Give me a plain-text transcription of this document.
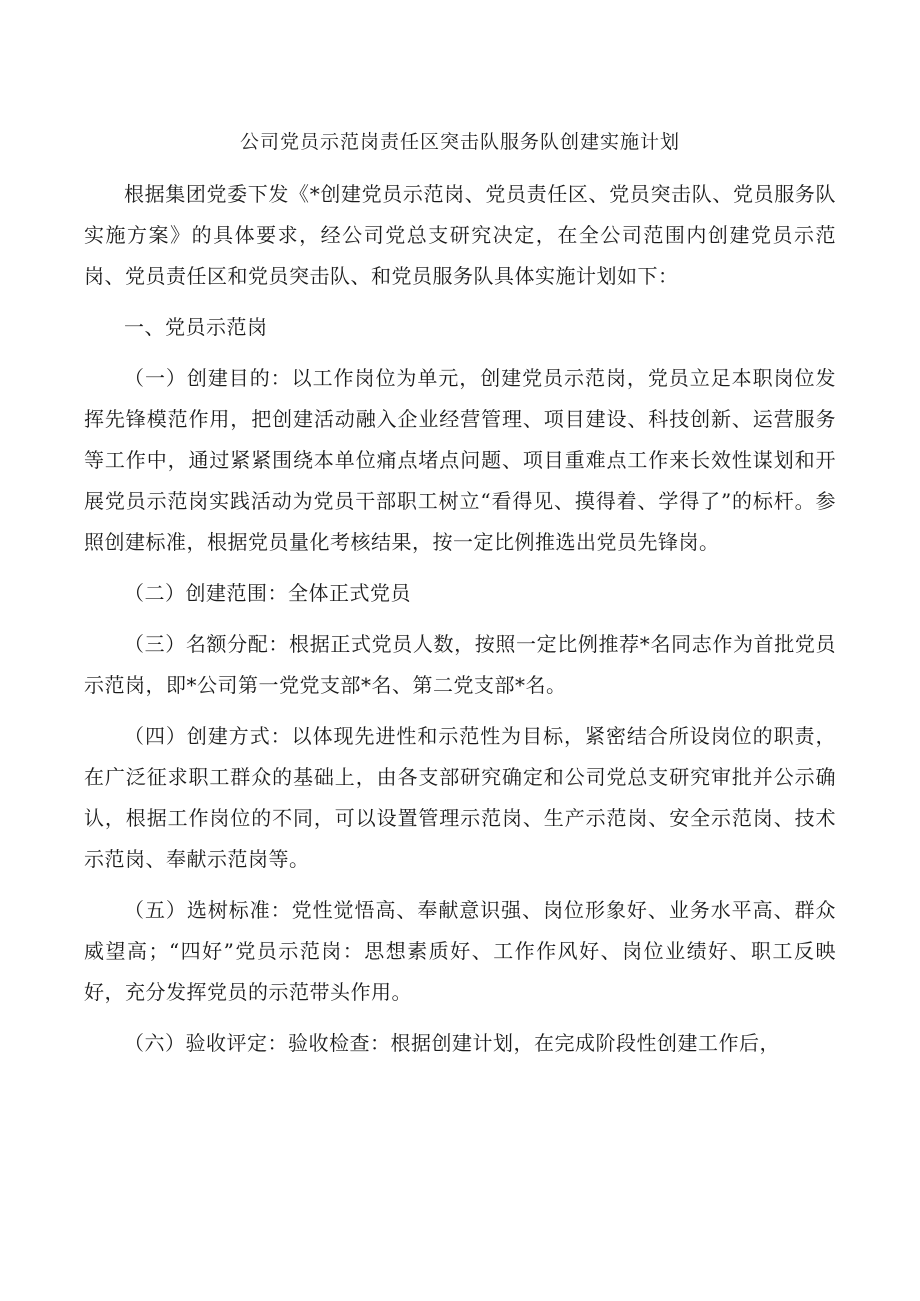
公司党员示范岗责任区突击队服务队创建实施计划

根据集团党委下发《*创建党员示范岗、党员责任区、党员突击队、党员服务队实施方案》的具体要求，经公司党总支研究决定，在全公司范围内创建党员示范岗、党员责任区和党员突击队、和党员服务队具体实施计划如下：

一、党员示范岗

（一）创建目的：以工作岗位为单元，创建党员示范岗，党员立足本职岗位发挥先锋模范作用，把创建活动融入企业经营管理、项目建设、科技创新、运营服务等工作中，通过紧紧围绕本单位痛点堵点问题、项目重难点工作来长效性谋划和开展党员示范岗实践活动为党员干部职工树立“看得见、摸得着、学得了”的标杆。参照创建标准，根据党员量化考核结果，按一定比例推选出党员先锋岗。

（二）创建范围：全体正式党员

（三）名额分配：根据正式党员人数，按照一定比例推荐*名同志作为首批党员示范岗，即*公司第一党党支部*名、第二党支部*名。

（四）创建方式：以体现先进性和示范性为目标，紧密结合所设岗位的职责，在广泛征求职工群众的基础上，由各支部研究确定和公司党总支研究审批并公示确认，根据工作岗位的不同，可以设置管理示范岗、生产示范岗、安全示范岗、技术示范岗、奉献示范岗等。

（五）选树标准：党性觉悟高、奉献意识强、岗位形象好、业务水平高、群众威望高；“四好”党员示范岗：思想素质好、工作作风好、岗位业绩好、职工反映好，充分发挥党员的示范带头作用。

（六）验收评定：验收检查：根据创建计划，在完成阶段性创建工作后，
